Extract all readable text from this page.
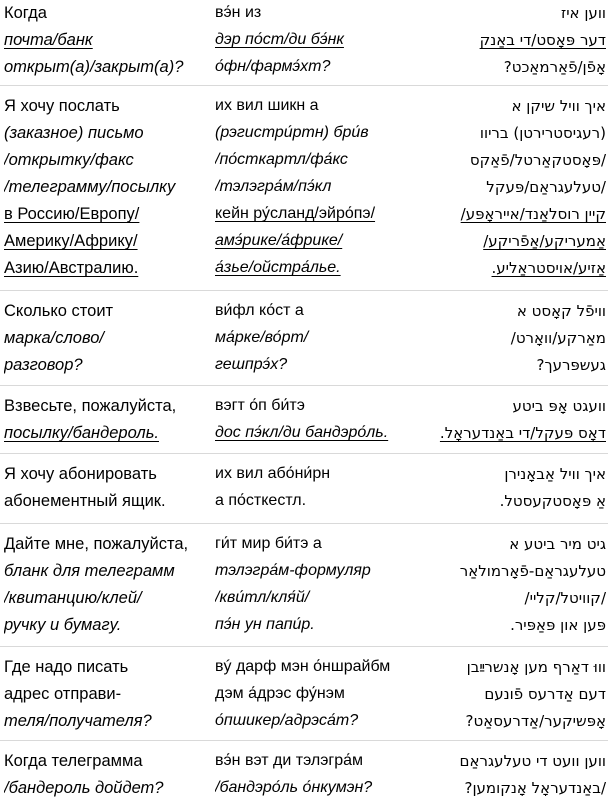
Когда	вэ́н из	ווען איז
почта/банк	дэр по́ст/ди бэ́нк	דער פּאָסט/די באַנק
открыт(а)/закрыт(а)?	о́фн/фармэ́хт?	אָפֿן/פֿאַרמאַכט?
Я хочу послать	их вил шикн а	איך וויל שיקן א
(заказное) письмо	(рэгистри́ртн) бри́в	(רעגיסטרירטן) בריוו
/открытку/факс	/по́сткартл/фа́кс	/פּאָסטקאַרטל/פֿאַקס
/телеграмму/посылку	/тэлэгра́м/пэ́кл	/טעלעגראַם/פּעקל
в Россию/Европу/	кейн ру́сланд/эйро́пэ/	קיין רוסלאַנד/אייראָפּע/
Америку/Африку/	амэ́рике/а́фрике/	אַמעריקע/אַפֿריקע/
Азию/Австралию.	а́зье/ойстра́лье.	אַזיע/אויסטראַליע.
Сколько стоит	ви́фл ко́ст а	וויפֿל קאָסט א
марка/слово/	ма́рке/во́рт/	מאַרקע/וואָרט/
разговор?	гешпрэ́х?	געשפּרעך?
Взвесьте, пожалуйста,	вэгт о́п би́тэ	וועגט אָפּ ביטע
посылку/бандероль.	дос пэ́кл/ди бандэро́ль.	דאָס פּעקל/די באַנדעראָל.
Я хочу абонировать	их вил або́ни́рн	איך וויל אַבאָנירן
абонементный ящик.	а по́сткестл.	אַ פּאָסטקעסטל.
Дайте мне, пожалуйста,	ги́т мир би́тэ а	גיט מיר ביטע א
бланк для телеграмм	тэлэгра́м-формуляр	טעלעגראַם-פֿאָרמולאַר
/квитанцию/клей/	/кви́тл/кля́й/	/קוויטל/קליי/
ручку и бумагу.	пэ́н ун папи́р.	פּען און פּאַפּיר.
Где надо писать	вý дарф мэн о́ншрайбм	וווּ דאַרף מען אָנשרײַבן
адрес отправи-	дэм а́дрэс фу́нэм	דעם אַדרעס פֿונעם
теля/получателя?	о́пшикер/адрэса́т?	אָפּשיקער/אַדרעסאַט?
Когда телеграмма	вэ́н вэт ди тэлэгра́м	ווען וועט די טעלעגראַם
/бандероль дойдет?	/бандэро́ль о́нкумэн?	/באַנדעראָל אָנקומען?
